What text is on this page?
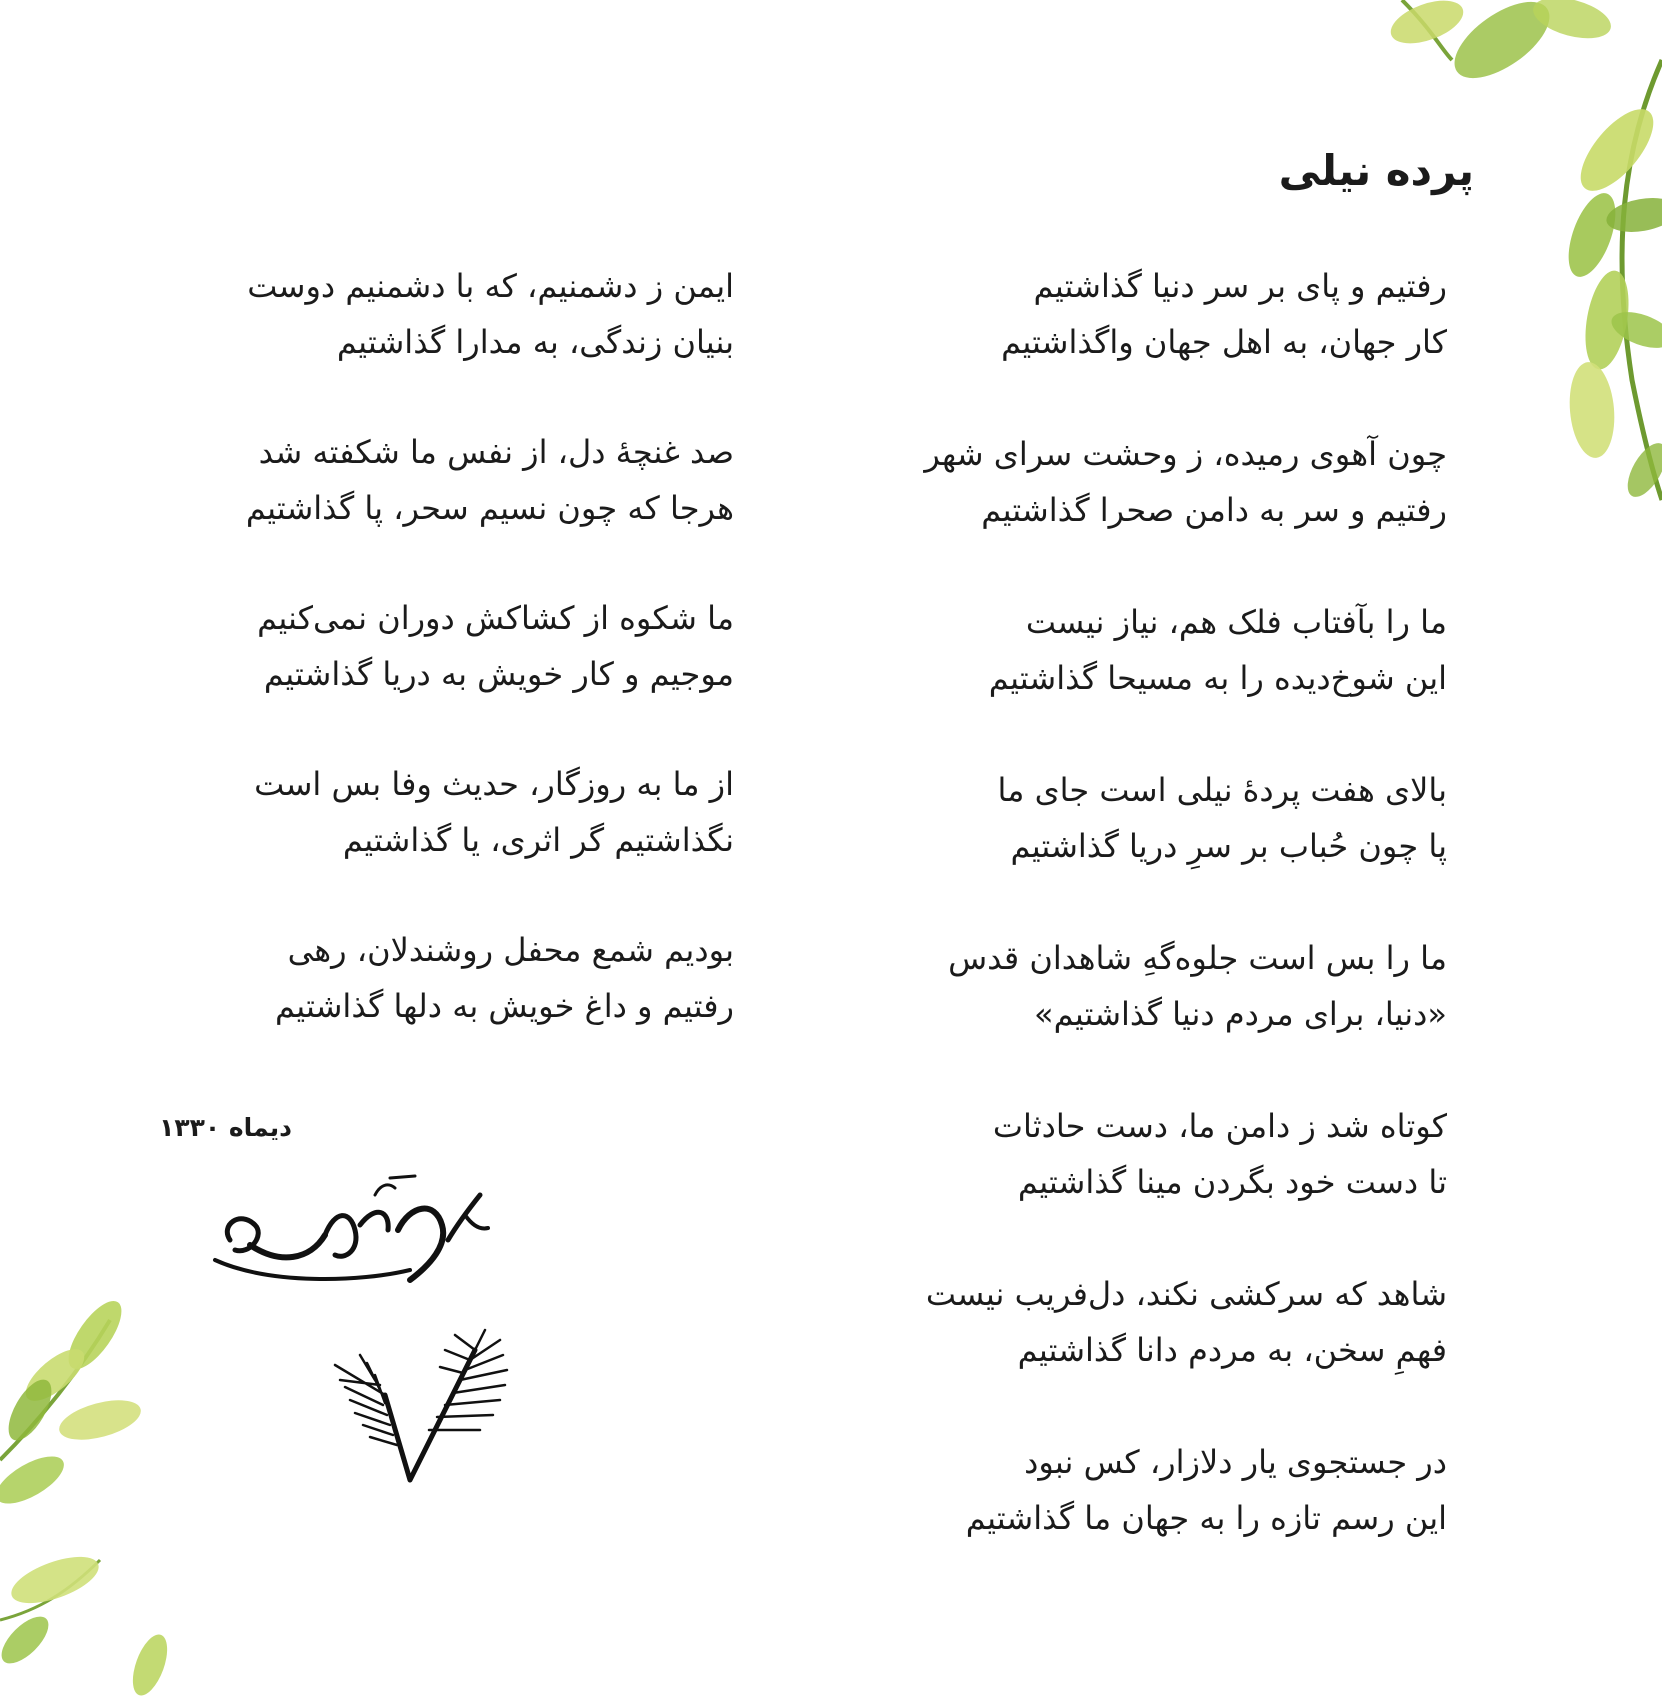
پرده نیلی

رفتیم و پای بر سر دنیا گذاشتیم

کار جهان، به اهل جهان واگذاشتیم

چون آهوی رمیده، ز وحشت سرای شهر

رفتیم و سر به دامن صحرا گذاشتیم

ما را بآفتاب فلک هم، نیاز نیست

این شوخ‌دیده را به مسیحا گذاشتیم

بالای هفت پردهٔ نیلی است جای ما

پا چون حُباب بر سرِ دریا گذاشتیم

ما را بس است جلوه‌گهِ شاهدان قدس

«دنیا، برای مردم دنیا گذاشتیم»

کوتاه شد ز دامن ما، دست حادثات

تا دست خود بگردن مینا گذاشتیم

شاهد که سرکشی نکند، دل‌فریب نیست

فهمِ سخن، به مردم دانا گذاشتیم

در جستجوی یار دلازار، کس نبود

این رسم تازه را به جهان ما گذاشتیم

ایمن ز دشمنیم، که با دشمنیم دوست

بنیان زندگی، به مدارا گذاشتیم

صد غنچهٔ دل، از نفس ما شکفته شد

هرجا که چون نسیم سحر، پا گذاشتیم

ما شکوه از کشاکش دوران نمی‌کنیم

موجیم و کار خویش به دریا گذاشتیم

از ما به روزگار، حدیث وفا بس است

نگذاشتیم گر اثری، یا گذاشتیم

بودیم شمع محفل روشندلان، رهی

رفتیم و داغ خویش به دلها گذاشتیم

دیماه ۱۳۳۰
